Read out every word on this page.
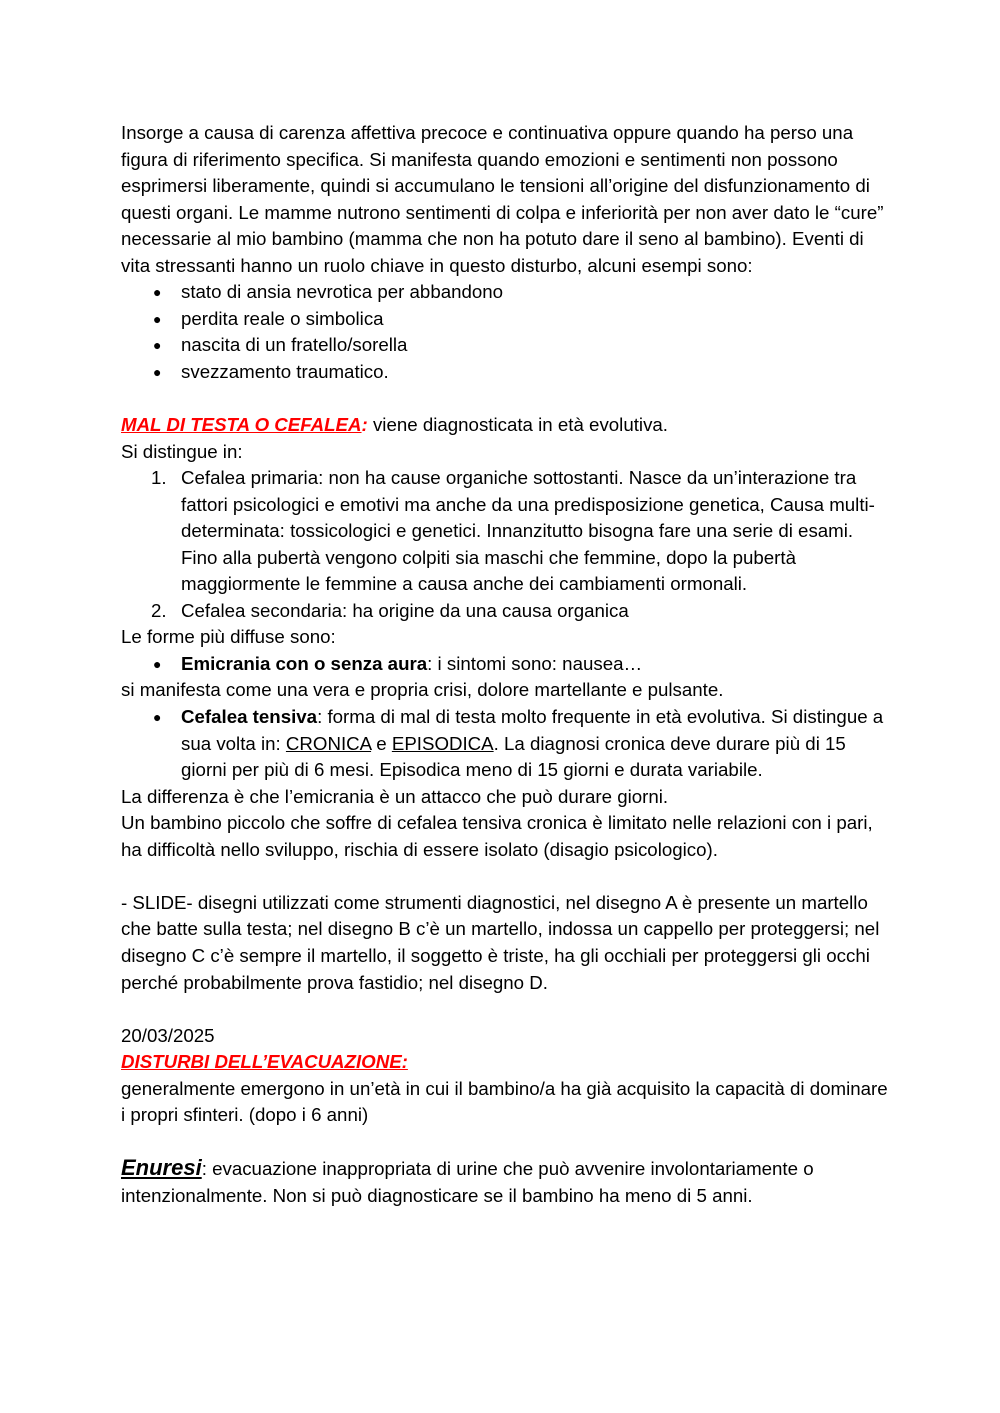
Insorge a causa di carenza affettiva precoce e continuativa oppure quando ha perso una figura di riferimento specifica. Si manifesta quando emozioni e sentimenti non possono esprimersi liberamente, quindi si accumulano le tensioni all’origine del disfunzionamento di questi organi. Le mamme nutrono sentimenti di colpa e inferiorità per non aver dato le “cure” necessarie al mio bambino (mamma che non ha potuto dare il seno al bambino). Eventi di vita stressanti hanno un ruolo chiave in questo disturbo, alcuni esempi sono:

● stato di ansia nevrotica per abbandono
● perdita reale o simbolica
● nascita di un fratello/sorella
● svezzamento traumatico.

MAL DI TESTA O CEFALEA: viene diagnosticata in età evolutiva.

Si distingue in:

1. Cefalea primaria: non ha cause organiche sottostanti. Nasce da un’interazione tra fattori psicologici e emotivi ma anche da una predisposizione genetica, Causa multi-determinata: tossicologici e genetici. Innanzitutto bisogna fare una serie di esami. Fino alla pubertà vengono colpiti sia maschi che femmine, dopo la pubertà maggiormente le femmine a causa anche dei cambiamenti ormonali.
2. Cefalea secondaria: ha origine da una causa organica

Le forme più diffuse sono:

● Emicrania con o senza aura: i sintomi sono: nausea…

si manifesta come una vera e propria crisi, dolore martellante e pulsante.

● Cefalea tensiva: forma di mal di testa molto frequente in età evolutiva. Si distingue a sua volta in: CRONICA e EPISODICA. La diagnosi cronica deve durare più di 15 giorni per più di 6 mesi. Episodica meno di 15 giorni e durata variabile.

La differenza è che l’emicrania è un attacco che può durare giorni.

Un bambino piccolo che soffre di cefalea tensiva cronica è limitato nelle relazioni con i pari, ha difficoltà nello sviluppo, rischia di essere isolato (disagio psicologico).

- SLIDE- disegni utilizzati come strumenti diagnostici, nel disegno A è presente un martello che batte sulla testa; nel disegno B c’è un martello, indossa un cappello per proteggersi; nel disegno C c’è sempre il martello, il soggetto è triste, ha gli occhiali per proteggersi gli occhi perché probabilmente prova fastidio; nel disegno D.

20/03/2025

DISTURBI DELL’EVACUAZIONE:

generalmente emergono in un’età in cui il bambino/a ha già acquisito la capacità di dominare i propri sfinteri. (dopo i 6 anni)

Enuresi: evacuazione inappropriata di urine che può avvenire involontariamente o intenzionalmente. Non si può diagnosticare se il bambino ha meno di 5 anni.
